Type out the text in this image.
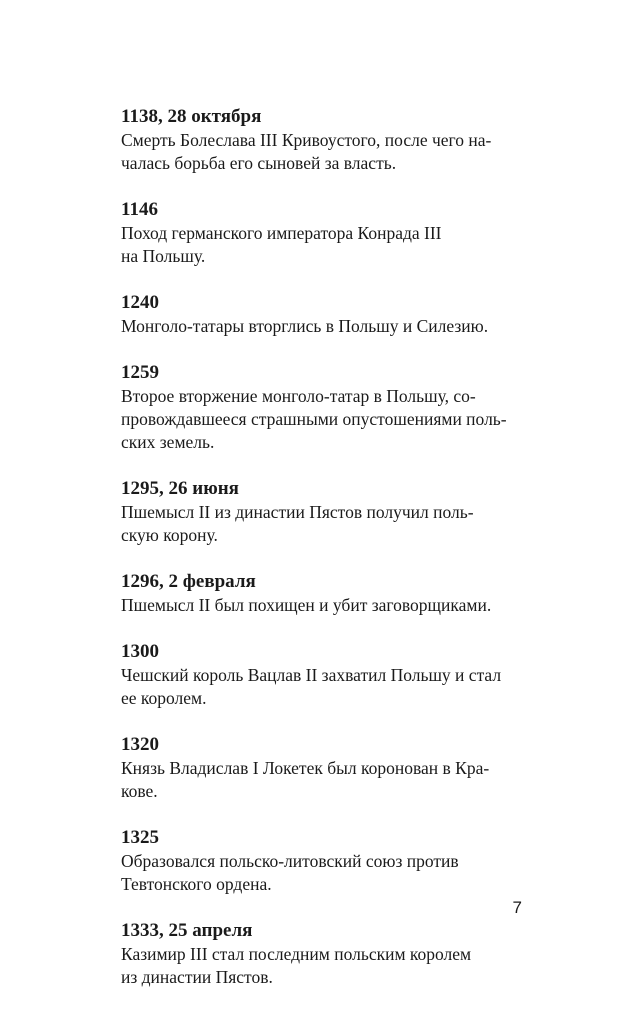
1138, 28 октября
Смерть Болеслава III Кривоустого, после чего на-
чалась борьба его сыновей за власть.
1146
Поход германского императора Конрада III
на Польшу.
1240
Монголо-татары вторглись в Польшу и Силезию.
1259
Второе вторжение монголо-татар в Польшу, со-
провождавшееся страшными опустошениями поль-
ских земель.
1295, 26 июня
Пшемысл II из династии Пястов получил поль-
скую корону.
1296, 2 февраля
Пшемысл II был похищен и убит заговорщиками.
1300
Чешский король Вацлав II захватил Польшу и стал
ее королем.
1320
Князь Владислав I Локетек был коронован в Кра-
кове.
1325
Образовался польско-литовский союз против
Тевтонского ордена.
1333, 25 апреля
Казимир III стал последним польским королем
из династии Пястов.
7
